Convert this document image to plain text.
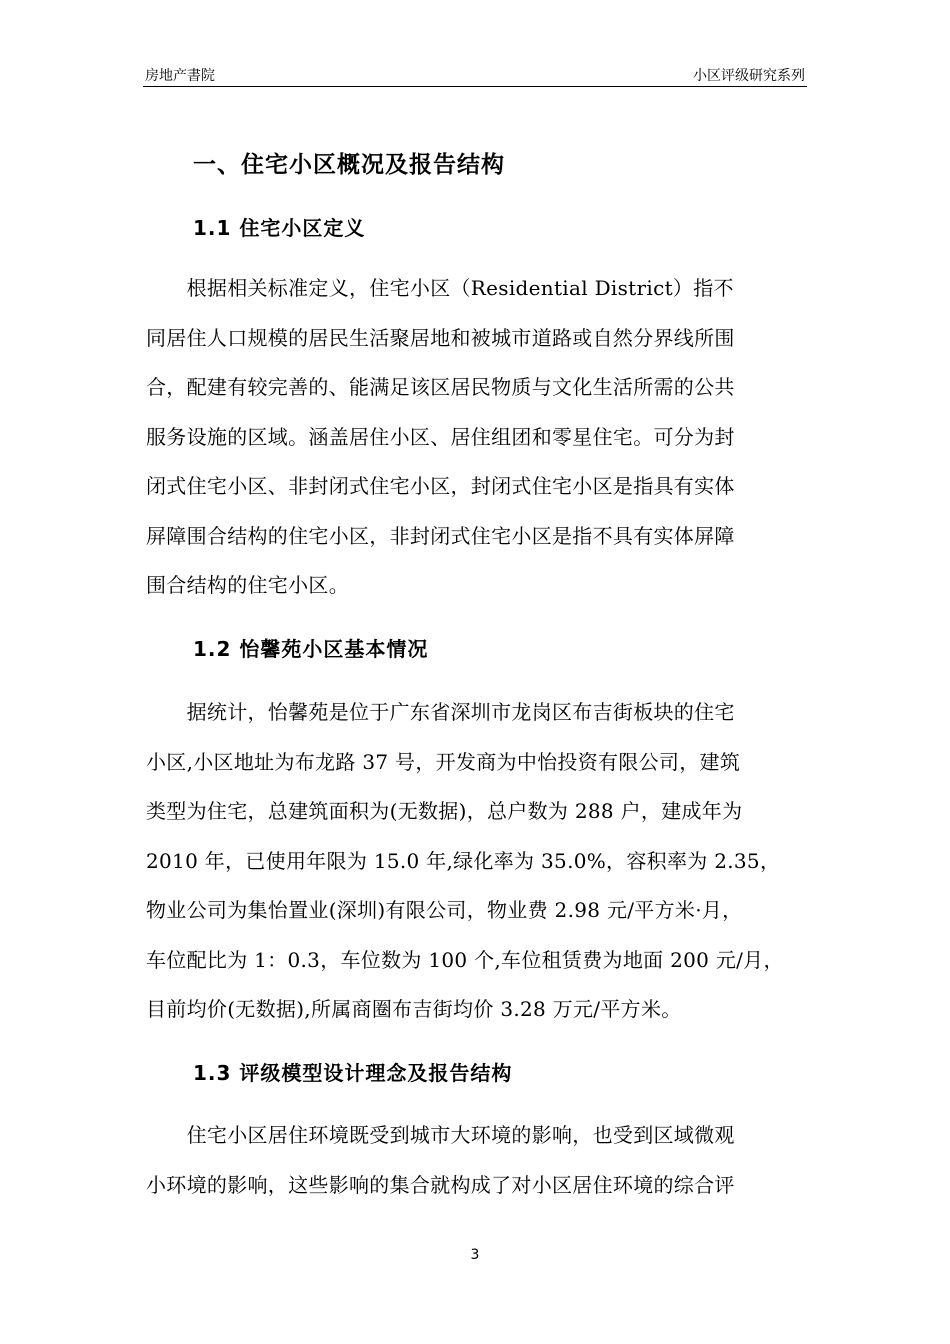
房地产書院	小区评级研究系列
一、住宅小区概况及报告结构
1.1 住宅小区定义
　　根据相关标准定义，住宅小区（Residential District）指不
同居住人口规模的居民生活聚居地和被城市道路或自然分界线所围
合，配建有较完善的、能满足该区居民物质与文化生活所需的公共
服务设施的区域。涵盖居住小区、居住组团和零星住宅。可分为封
闭式住宅小区、非封闭式住宅小区，封闭式住宅小区是指具有实体
屏障围合结构的住宅小区，非封闭式住宅小区是指不具有实体屏障
围合结构的住宅小区。
1.2 怡馨苑小区基本情况
　　据统计，怡馨苑是位于广东省深圳市龙岗区布吉街板块的住宅
小区,小区地址为布龙路 37 号，开发商为中怡投资有限公司，建筑
类型为住宅，总建筑面积为(无数据)，总户数为 288 户，建成年为
2010 年，已使用年限为 15.0 年,绿化率为 35.0%，容积率为 2.35，
物业公司为集怡置业(深圳)有限公司，物业费 2.98 元/平方米·月，
车位配比为 1：0.3，车位数为 100 个,车位租赁费为地面 200 元/月，
目前均价(无数据),所属商圈布吉街均价 3.28 万元/平方米。
1.3 评级模型设计理念及报告结构
　　住宅小区居住环境既受到城市大环境的影响，也受到区域微观
小环境的影响，这些影响的集合就构成了对小区居住环境的综合评
3
